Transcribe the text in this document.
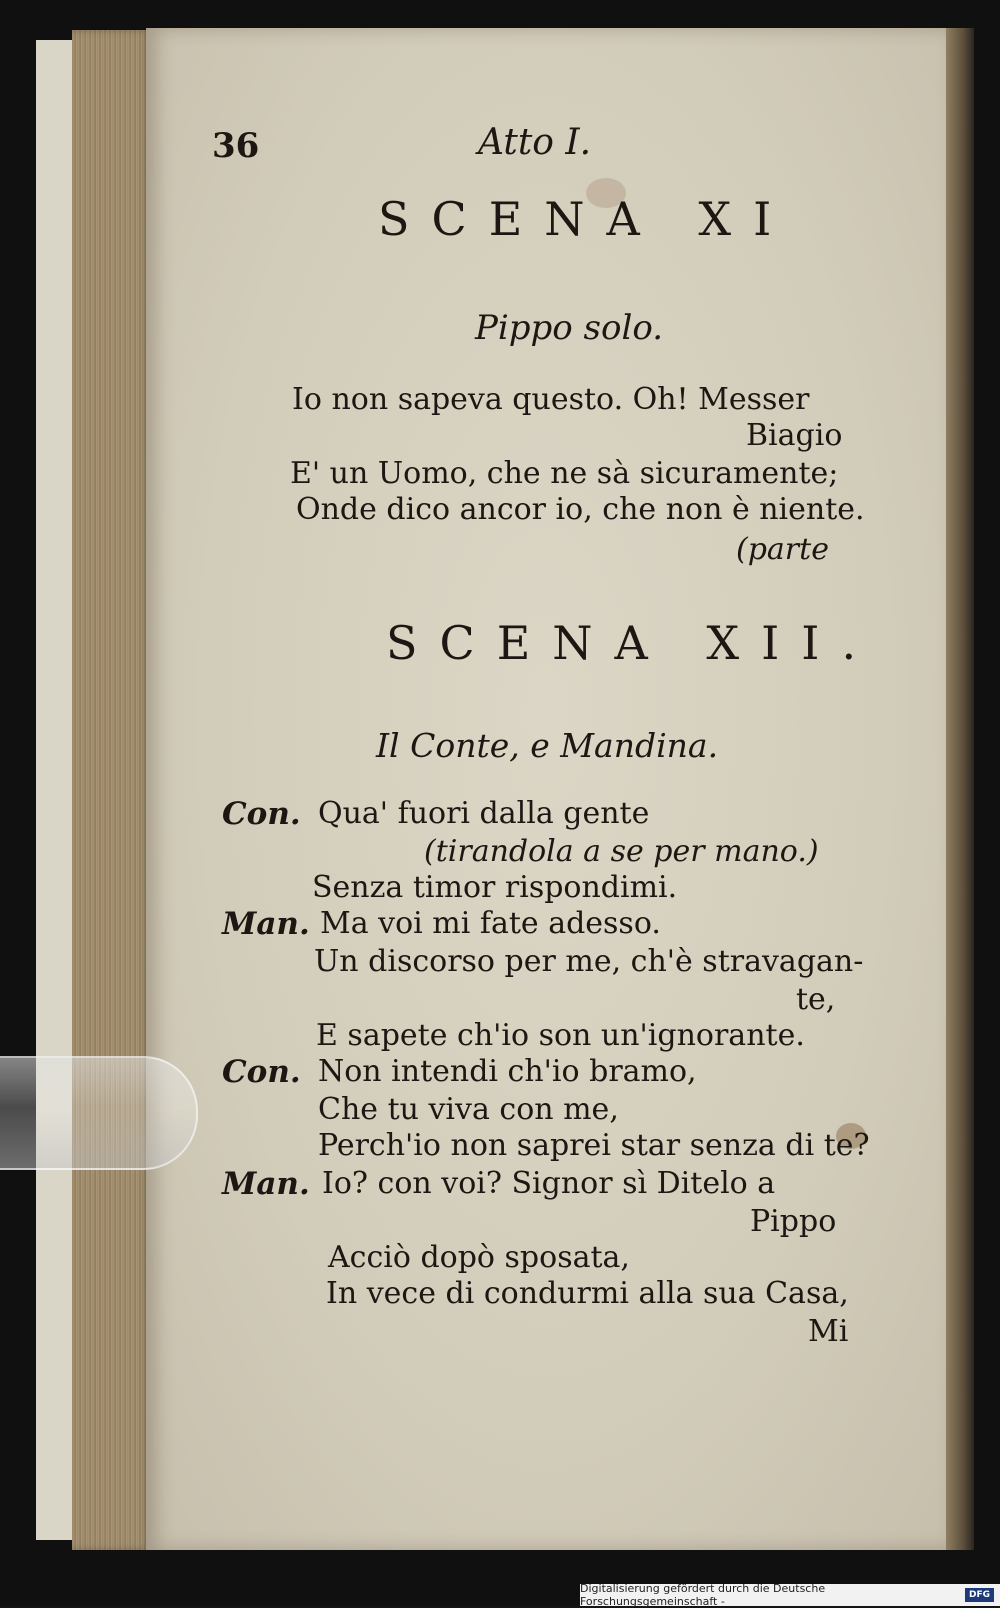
36	Atto I.
SCENA XI
Pippo solo.
Io non sapeva questo. Oh! Messer
Biagio
E' un Uomo, che ne sà sicuramente;
Onde dico ancor io, che non è niente.
(parte
SCENA XII.
Il Conte, e Mandina.
Con. Qua' fuori dalla gente
(tirandola a se per mano.)
Senza timor rispondimi.
Man. Ma voi mi fate adesso.
Un discorso per me, ch'è stravagan-
te,
E sapete ch'io son un'ignorante.
Con. Non intendi ch'io bramo,
Che tu viva con me,
Perch'io non saprei star senza di te?
Man. Io? con voi? Signor sì Ditelo a
Pippo
Acciò dopò sposata,
In vece di condurmi alla sua Casa,
Mi
Digitalisierung gefördert durch die Deutsche Forschungsgemeinschaft -	DFG
